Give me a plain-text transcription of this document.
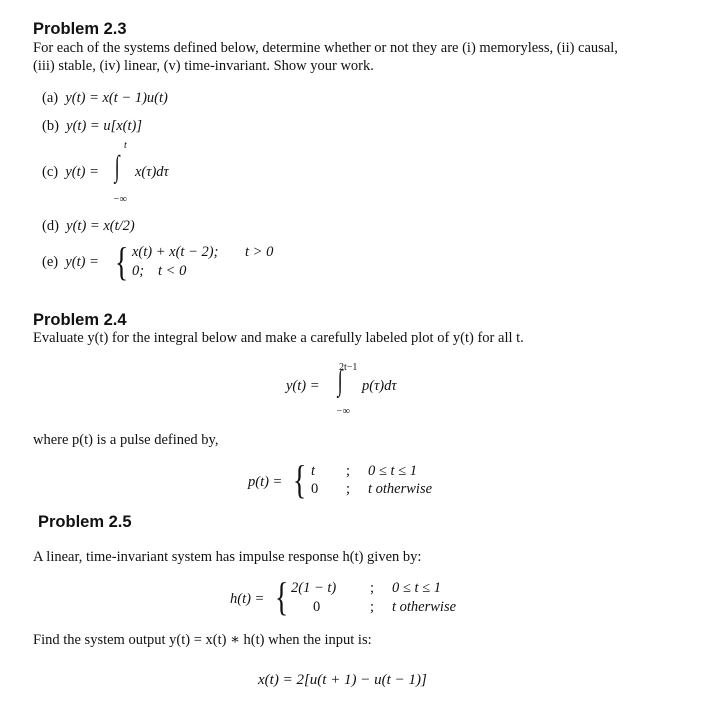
Problem 2.3
For each of the systems defined below, determine whether or not they are (i) memoryless, (ii) causal,
(iii) stable, (iv) linear, (v) time-invariant. Show your work.
(a) y(t) = x(t − 1)u(t)
(b) y(t) = u[x(t)]
(c) y(t) = ∫
t
−∞
x(τ)dτ
(d) y(t) = x(t/2)
(e) y(t) = { x(t) + x(t − 2); t > 0
0; t < 0
Problem 2.4
Evaluate y(t) for the integral below and make a carefully labeled plot of y(t) for all t.
y(t) = ∫
2t−1
−∞
p(τ)dτ
where p(t) is a pulse defined by,
p(t) = { t ; 0 ≤ t ≤ 1
0 ; t otherwise
Problem 2.5
A linear, time-invariant system has impulse response h(t) given by:
h(t) = { 2(1 − t) ; 0 ≤ t ≤ 1
0	; t otherwise
Find the system output y(t) = x(t) ∗ h(t) when the input is:
x(t) = 2[u(t + 1) − u(t − 1)]
